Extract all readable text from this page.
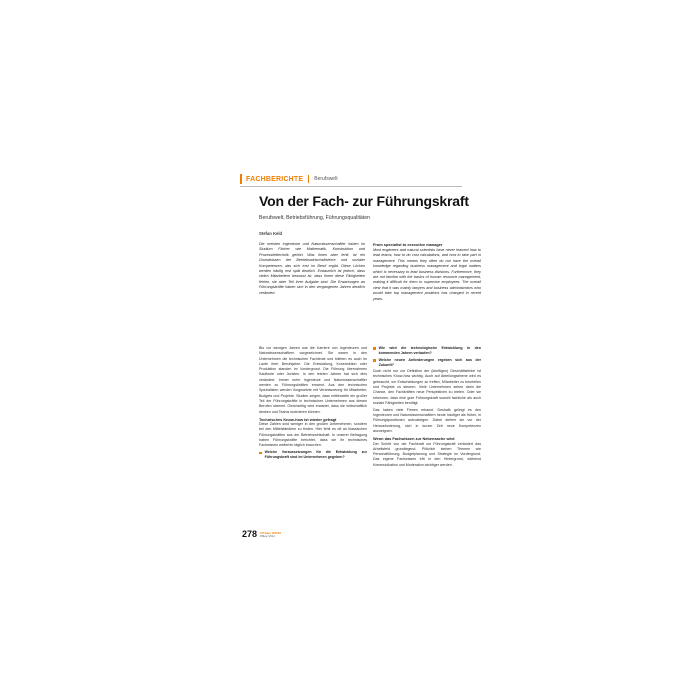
FACHBERICHTE Berufswelt
Von der Fach- zur Führungskraft
Berufswelt, Betriebsführung, Führungsqualitäten
Stefan Keld
Die meisten Ingenieure und Naturwissenschaftler haben im Studium Fächer wie Mathematik, Konstruktion und Prozessleittechnik gehört. Was ihnen aber fehlt, ist ein Grundwissen der Betriebswirtschaftslehre und sozialer Kompetenzen, das sich erst im Beruf ergibt. Diese Lücken werden häufig erst spät deutlich. Erstaunlich ist jedoch, dass vielen Mitarbeitern bewusst ist, dass ihnen diese Fähigkeiten fehlen, sie aber Teil ihrer Aufgabe sind. Die Erwartungen an Führungskräfte haben sich in den vergangenen Jahren deutlich verändert.
From specialist to executive manager
Most engineers and natural scientists have never learned how to lead teams, how to do cost calculations, and how to take part in management. This means they often do not have the overall knowledge regarding business management and legal matters which is necessary to lead business divisions. Furthermore, they are not familiar with the basics of human resource management, making it difficult for them to supervise employees. The overall view that it was mainly lawyers and business administrators who would take top management positions has changed in recent years.

Bis vor wenigen Jahren war die Karriere von Ingenieuren und Naturwissenschaftlern vorgezeichnet. Sie waren in den Unternehmen die technischen Fachleute und blieben es auch im Laufe ihrer Berufsjahre. Die Entwicklung, Konstruktion oder Produktion standen im Vordergrund. Die Führung übernahmen Kaufleute oder Juristen. In den letzten Jahren hat sich dies verändert: Immer mehr Ingenieure und Naturwissenschaftler werden zu Führungskräften ernannt. Aus den technischen Spezialisten werden Vorgesetzte mit Verantwortung für Mitarbeiter, Budgets und Projekte. Studien zeigen, dass mittlerweile ein großer Teil der Führungskräfte in technischen Unternehmen aus diesen Berufen stammt. Gleichzeitig wird erwartet, dass sie wirtschaftlich denken und Teams motivieren können.

Technisches Know-how ist wieder gefragt

Diese Zahlen sind weniger in den großen Unternehmen, sondern bei den Mittelständlern zu finden. Hier fehlt es oft an klassischen Führungskräften aus der Betriebswirtschaft. In unserer Befragung haben Führungskräfte berichtet, dass sie ihr technisches Fachwissen weiterhin täglich brauchen.

Welche Voraussetzungen für die Entwicklung zur Führungskraft sind im Unternehmen gegeben?
Wie wird die technologische Entwicklung in den kommenden Jahren verlaufen?
Welche neuen Anforderungen ergeben sich aus der Zukunft?

Doch nicht nur zur Definition der (künftigen) Geschäftsfelder ist technisches Know-how wichtig. Auch auf Abteilungsebene wird es gebraucht, um Entscheidungen zu treffen, Mitarbeiter zu beurteilen und Projekte zu steuern. Viele Unternehmen sehen darin die Chance, den Fachkräften neue Perspektiven zu bieten. Oder sie erkennen, dass eine gute Führungskraft sowohl fachliche als auch soziale Fähigkeiten benötigt.

Das haben viele Firmen erkannt. Deshalb gelingt es den Ingenieuren und Naturwissenschaftlern heute häufiger als früher, in Führungspositionen aufzusteigen. Dabei stehen sie vor der Herausforderung, sich in kurzer Zeit neue Kompetenzen anzueignen.

Wenn das Fachwissen zur Nebensache wird

Der Schritt von der Fachkraft zur Führungskraft verändert das Arbeitsfeld grundlegend. Plötzlich stehen Themen wie Personalführung, Budgetplanung und Strategie im Vordergrund. Das eigene Fachwissen tritt in den Hintergrund, während Kommunikation und Moderation wichtiger werden.

278 CITplus 3/2010
Wiley-VCH
